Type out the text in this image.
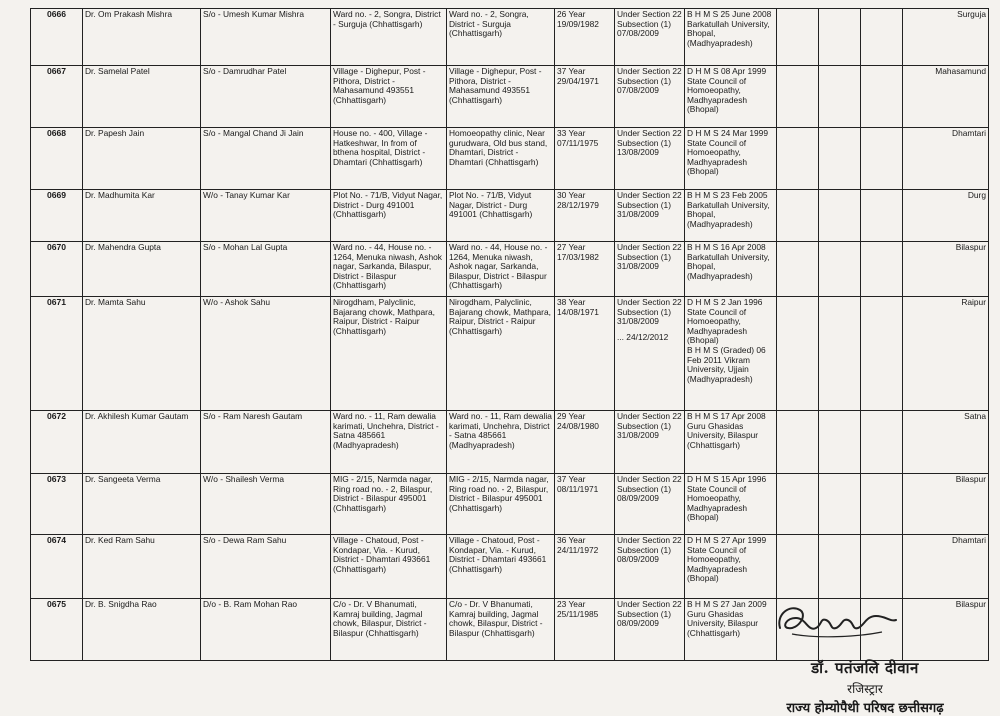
0666	Dr. Om Prakash Mishra	S/o - Umesh Kumar Mishra	Ward no. - 2, Songra, District - Surguja (Chhattisgarh)	Ward no. - 2, Songra, District - Surguja (Chhattisgarh)	26 Year
19/09/1982	Under Section 22 Subsection (1) 07/08/2009	B H M S 25 June 2008 Barkatullah University, Bhopal, (Madhyapradesh)				Surguja
0667	Dr. Samelal Patel	S/o - Damrudhar Patel	Village - Dighepur, Post - Pithora, District - Mahasamund 493551 (Chhattisgarh)	Village - Dighepur, Post - Pithora, District - Mahasamund 493551 (Chhattisgarh)	37 Year
29/04/1971	Under Section 22 Subsection (1) 07/08/2009	D H M S 08 Apr 1999 State Council of Homoeopathy, Madhyapradesh (Bhopal)				Mahasamund
0668	Dr. Papesh Jain	S/o - Mangal Chand Ji Jain	House no. - 400, Village - Hatkeshwar, In from of bthena hospital, District - Dhamtari (Chhattisgarh)	Homoeopathy clinic, Near gurudwara, Old bus stand, Dhamtari, District - Dhamtari (Chhattisgarh)	33 Year
07/11/1975	Under Section 22 Subsection (1) 13/08/2009	D H M S 24 Mar 1999 State Council of Homoeopathy, Madhyapradesh (Bhopal)				Dhamtari
0669	Dr. Madhumita Kar	W/o - Tanay Kumar Kar	Plot No. - 71/B, Vidyut Nagar, District - Durg 491001 (Chhattisgarh)	Plot No. - 71/B, Vidyut Nagar, District - Durg 491001 (Chhattisgarh)	30 Year
28/12/1979	Under Section 22 Subsection (1) 31/08/2009	B H M S 23 Feb 2005 Barkatullah University, Bhopal, (Madhyapradesh)				Durg
0670	Dr. Mahendra Gupta	S/o - Mohan Lal Gupta	Ward no. - 44, House no. - 1264, Menuka niwash, Ashok nagar, Sarkanda, Bilaspur, District - Bilaspur (Chhattisgarh)	Ward no. - 44, House no. - 1264, Menuka niwash, Ashok nagar, Sarkanda, Bilaspur, District - Bilaspur (Chhattisgarh)	27 Year
17/03/1982	Under Section 22 Subsection (1) 31/08/2009	B H M S 16 Apr 2008 Barkatullah University, Bhopal, (Madhyapradesh)				Bilaspur
0671	Dr. Mamta Sahu	W/o - Ashok Sahu	Nirogdham, Palyclinic, Bajarang chowk, Mathpara, Raipur, District - Raipur (Chhattisgarh)	Nirogdham, Palyclinic, Bajarang chowk, Mathpara, Raipur, District - Raipur (Chhattisgarh)	38 Year
14/08/1971	Under Section 22 Subsection (1) 31/08/2009
... 24/12/2012	D H M S 2 Jan 1996 State Council of Homoeopathy, Madhyapradesh (Bhopal)
B H M S (Graded) 06 Feb 2011 Vikram University, Ujjain (Madhyapradesh)				Raipur
0672	Dr. Akhilesh Kumar Gautam	S/o - Ram Naresh Gautam	Ward no. - 11, Ram dewalia karimati, Unchehra, District - Satna 485661 (Madhyapradesh)	Ward no. - 11, Ram dewalia karimati, Unchehra, District - Satna 485661 (Madhyapradesh)	29 Year
24/08/1980	Under Section 22 Subsection (1) 31/08/2009	B H M S 17 Apr 2008 Guru Ghasidas University, Bilaspur (Chhattisgarh)				Satna
0673	Dr. Sangeeta Verma	W/o - Shailesh Verma	MIG - 2/15, Narmda nagar, Ring road no. - 2, Bilaspur, District - Bilaspur 495001 (Chhattisgarh)	MIG - 2/15, Narmda nagar, Ring road no. - 2, Bilaspur, District - Bilaspur 495001 (Chhattisgarh)	37 Year
08/11/1971	Under Section 22 Subsection (1) 08/09/2009	D H M S 15 Apr 1996 State Council of Homoeopathy, Madhyapradesh (Bhopal)				Bilaspur
0674	Dr. Ked Ram Sahu	S/o - Dewa Ram Sahu	Village - Chatoud, Post - Kondapar, Via. - Kurud, District - Dhamtari 493661 (Chhattisgarh)	Village - Chatoud, Post - Kondapar, Via. - Kurud, District - Dhamtari 493661 (Chhattisgarh)	36 Year
24/11/1972	Under Section 22 Subsection (1) 08/09/2009	D H M S 27 Apr 1999 State Council of Homoeopathy, Madhyapradesh (Bhopal)				Dhamtari
0675	Dr. B. Snigdha Rao	D/o - B. Ram Mohan Rao	C/o - Dr. V Bhanumati, Kamraj building, Jagmal chowk, Bilaspur, District - Bilaspur (Chhattisgarh)	C/o - Dr. V Bhanumati, Kamraj building, Jagmal chowk, Bilaspur, District - Bilaspur (Chhattisgarh)	23 Year
25/11/1985	Under Section 22 Subsection (1) 08/09/2009	B H M S 27 Jan 2009 Guru Ghasidas University, Bilaspur (Chhattisgarh)				Bilaspur
डॉ. पतंजलि दीवान
रजिस्ट्रार
राज्य होम्योपैथी परिषद छत्तीसगढ़
